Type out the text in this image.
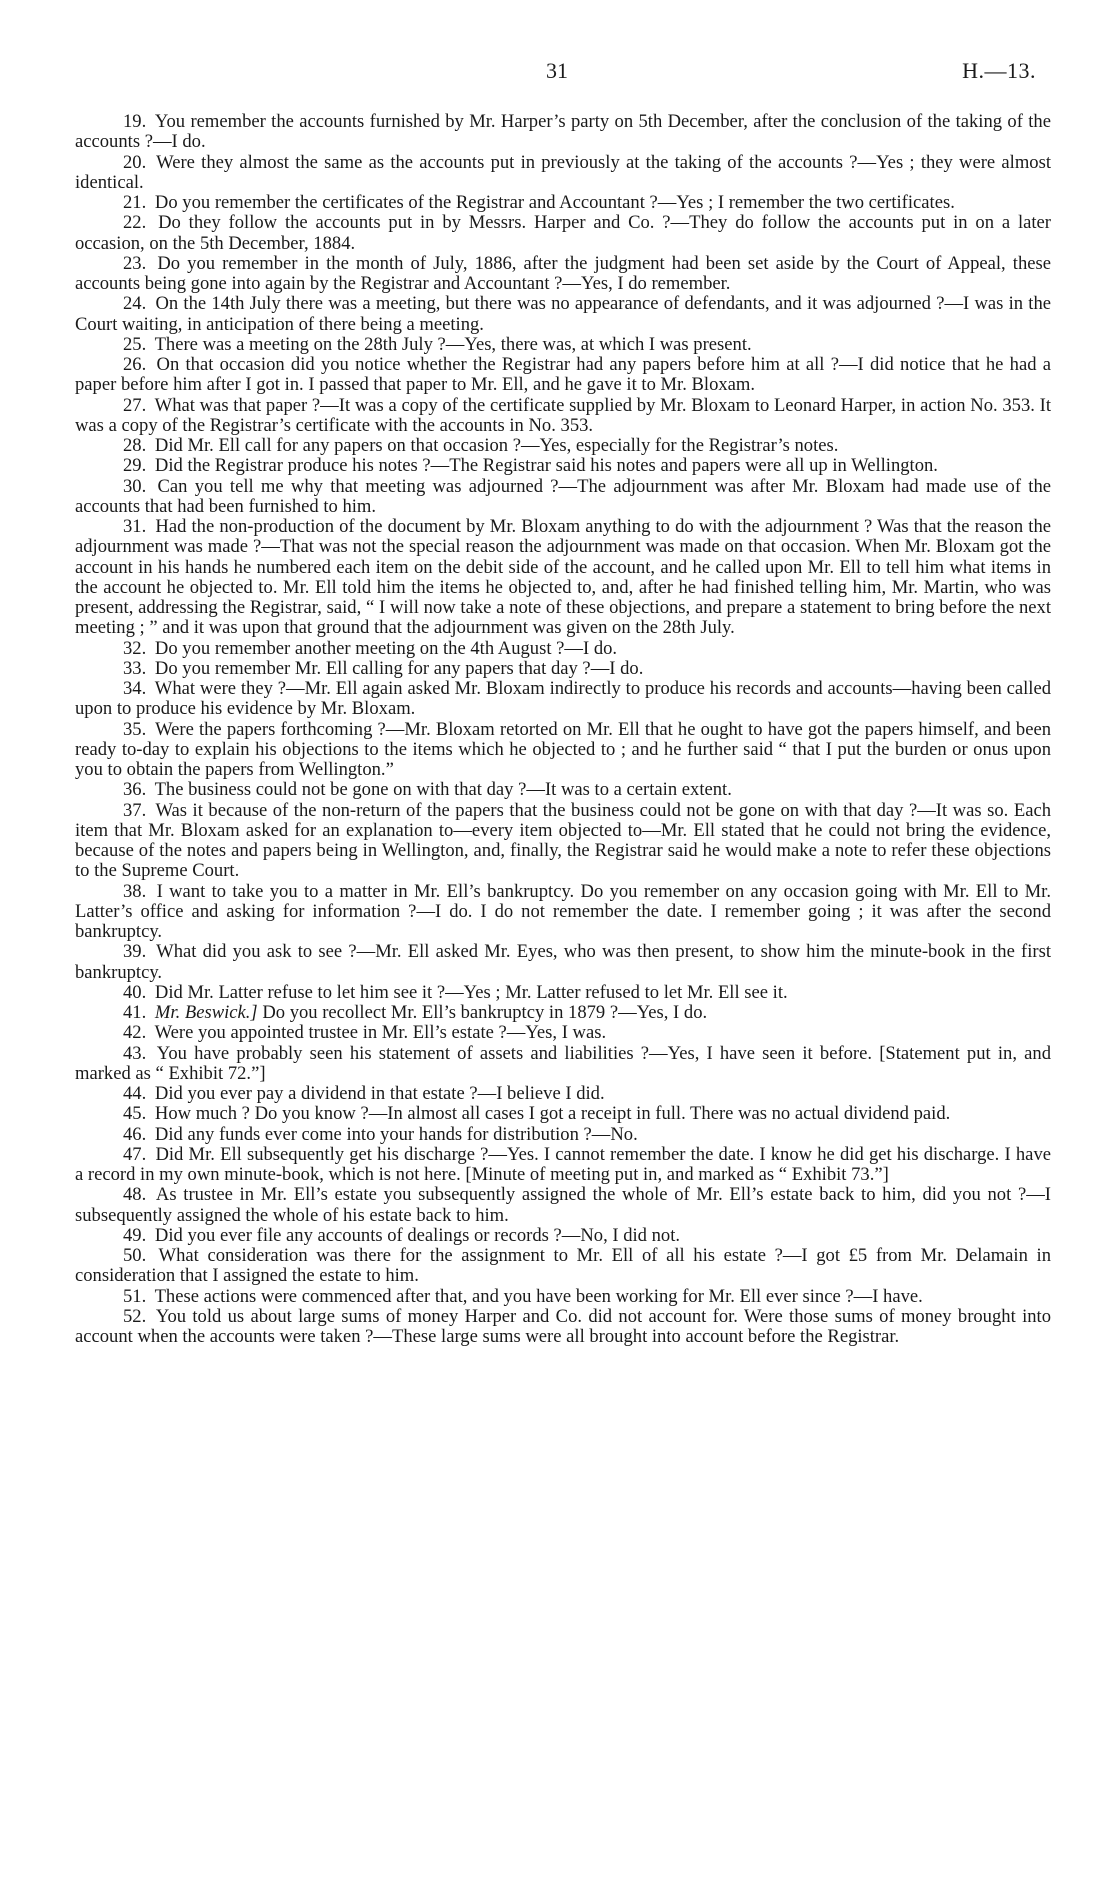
31	H.—13.

19. You remember the accounts furnished by Mr. Harper’s party on 5th December, after the conclusion of the taking of the accounts ?—I do.

20. Were they almost the same as the accounts put in previously at the taking of the accounts ?—Yes ; they were almost identical.

21. Do you remember the certificates of the Registrar and Accountant ?—Yes ; I remember the two certificates.

22. Do they follow the accounts put in by Messrs. Harper and Co. ?—They do follow the accounts put in on a later occasion, on the 5th December, 1884.

23. Do you remember in the month of July, 1886, after the judgment had been set aside by the Court of Appeal, these accounts being gone into again by the Registrar and Accountant ?—Yes, I do remember.

24. On the 14th July there was a meeting, but there was no appearance of defendants, and it was adjourned ?—I was in the Court waiting, in anticipation of there being a meeting.

25. There was a meeting on the 28th July ?—Yes, there was, at which I was present.

26. On that occasion did you notice whether the Registrar had any papers before him at all ?—I did notice that he had a paper before him after I got in. I passed that paper to Mr. Ell, and he gave it to Mr. Bloxam.

27. What was that paper ?—It was a copy of the certificate supplied by Mr. Bloxam to Leonard Harper, in action No. 353. It was a copy of the Registrar’s certificate with the accounts in No. 353.

28. Did Mr. Ell call for any papers on that occasion ?—Yes, especially for the Registrar’s notes.

29. Did the Registrar produce his notes ?—The Registrar said his notes and papers were all up in Wellington.

30. Can you tell me why that meeting was adjourned ?—The adjournment was after Mr. Bloxam had made use of the accounts that had been furnished to him.

31. Had the non-production of the document by Mr. Bloxam anything to do with the adjournment ? Was that the reason the adjournment was made ?—That was not the special reason the adjournment was made on that occasion. When Mr. Bloxam got the account in his hands he numbered each item on the debit side of the account, and he called upon Mr. Ell to tell him what items in the account he objected to. Mr. Ell told him the items he objected to, and, after he had finished telling him, Mr. Martin, who was present, addressing the Registrar, said, “ I will now take a note of these objections, and prepare a statement to bring before the next meeting ; ” and it was upon that ground that the adjournment was given on the 28th July.

32. Do you remember another meeting on the 4th August ?—I do.

33. Do you remember Mr. Ell calling for any papers that day ?—I do.

34. What were they ?—Mr. Ell again asked Mr. Bloxam indirectly to produce his records and accounts—having been called upon to produce his evidence by Mr. Bloxam.

35. Were the papers forthcoming ?—Mr. Bloxam retorted on Mr. Ell that he ought to have got the papers himself, and been ready to-day to explain his objections to the items which he objected to ; and he further said “ that I put the burden or onus upon you to obtain the papers from Wellington.”

36. The business could not be gone on with that day ?—It was to a certain extent.

37. Was it because of the non-return of the papers that the business could not be gone on with that day ?—It was so. Each item that Mr. Bloxam asked for an explanation to—every item objected to—Mr. Ell stated that he could not bring the evidence, because of the notes and papers being in Wellington, and, finally, the Registrar said he would make a note to refer these objections to the Supreme Court.

38. I want to take you to a matter in Mr. Ell’s bankruptcy. Do you remember on any occasion going with Mr. Ell to Mr. Latter’s office and asking for information ?—I do. I do not remember the date. I remember going ; it was after the second bankruptcy.

39. What did you ask to see ?—Mr. Ell asked Mr. Eyes, who was then present, to show him the minute-book in the first bankruptcy.

40. Did Mr. Latter refuse to let him see it ?—Yes ; Mr. Latter refused to let Mr. Ell see it.

41. Mr. Beswick.] Do you recollect Mr. Ell’s bankruptcy in 1879 ?—Yes, I do.

42. Were you appointed trustee in Mr. Ell’s estate ?—Yes, I was.

43. You have probably seen his statement of assets and liabilities ?—Yes, I have seen it before. [Statement put in, and marked as “ Exhibit 72.”]

44. Did you ever pay a dividend in that estate ?—I believe I did.

45. How much ? Do you know ?—In almost all cases I got a receipt in full. There was no actual dividend paid.

46. Did any funds ever come into your hands for distribution ?—No.

47. Did Mr. Ell subsequently get his discharge ?—Yes. I cannot remember the date. I know he did get his discharge. I have a record in my own minute-book, which is not here. [Minute of meeting put in, and marked as “ Exhibit 73.”]

48. As trustee in Mr. Ell’s estate you subsequently assigned the whole of Mr. Ell’s estate back to him, did you not ?—I subsequently assigned the whole of his estate back to him.

49. Did you ever file any accounts of dealings or records ?—No, I did not.

50. What consideration was there for the assignment to Mr. Ell of all his estate ?—I got £5 from Mr. Delamain in consideration that I assigned the estate to him.

51. These actions were commenced after that, and you have been working for Mr. Ell ever since ?—I have.

52. You told us about large sums of money Harper and Co. did not account for. Were those sums of money brought into account when the accounts were taken ?—These large sums were all brought into account before the Registrar.
